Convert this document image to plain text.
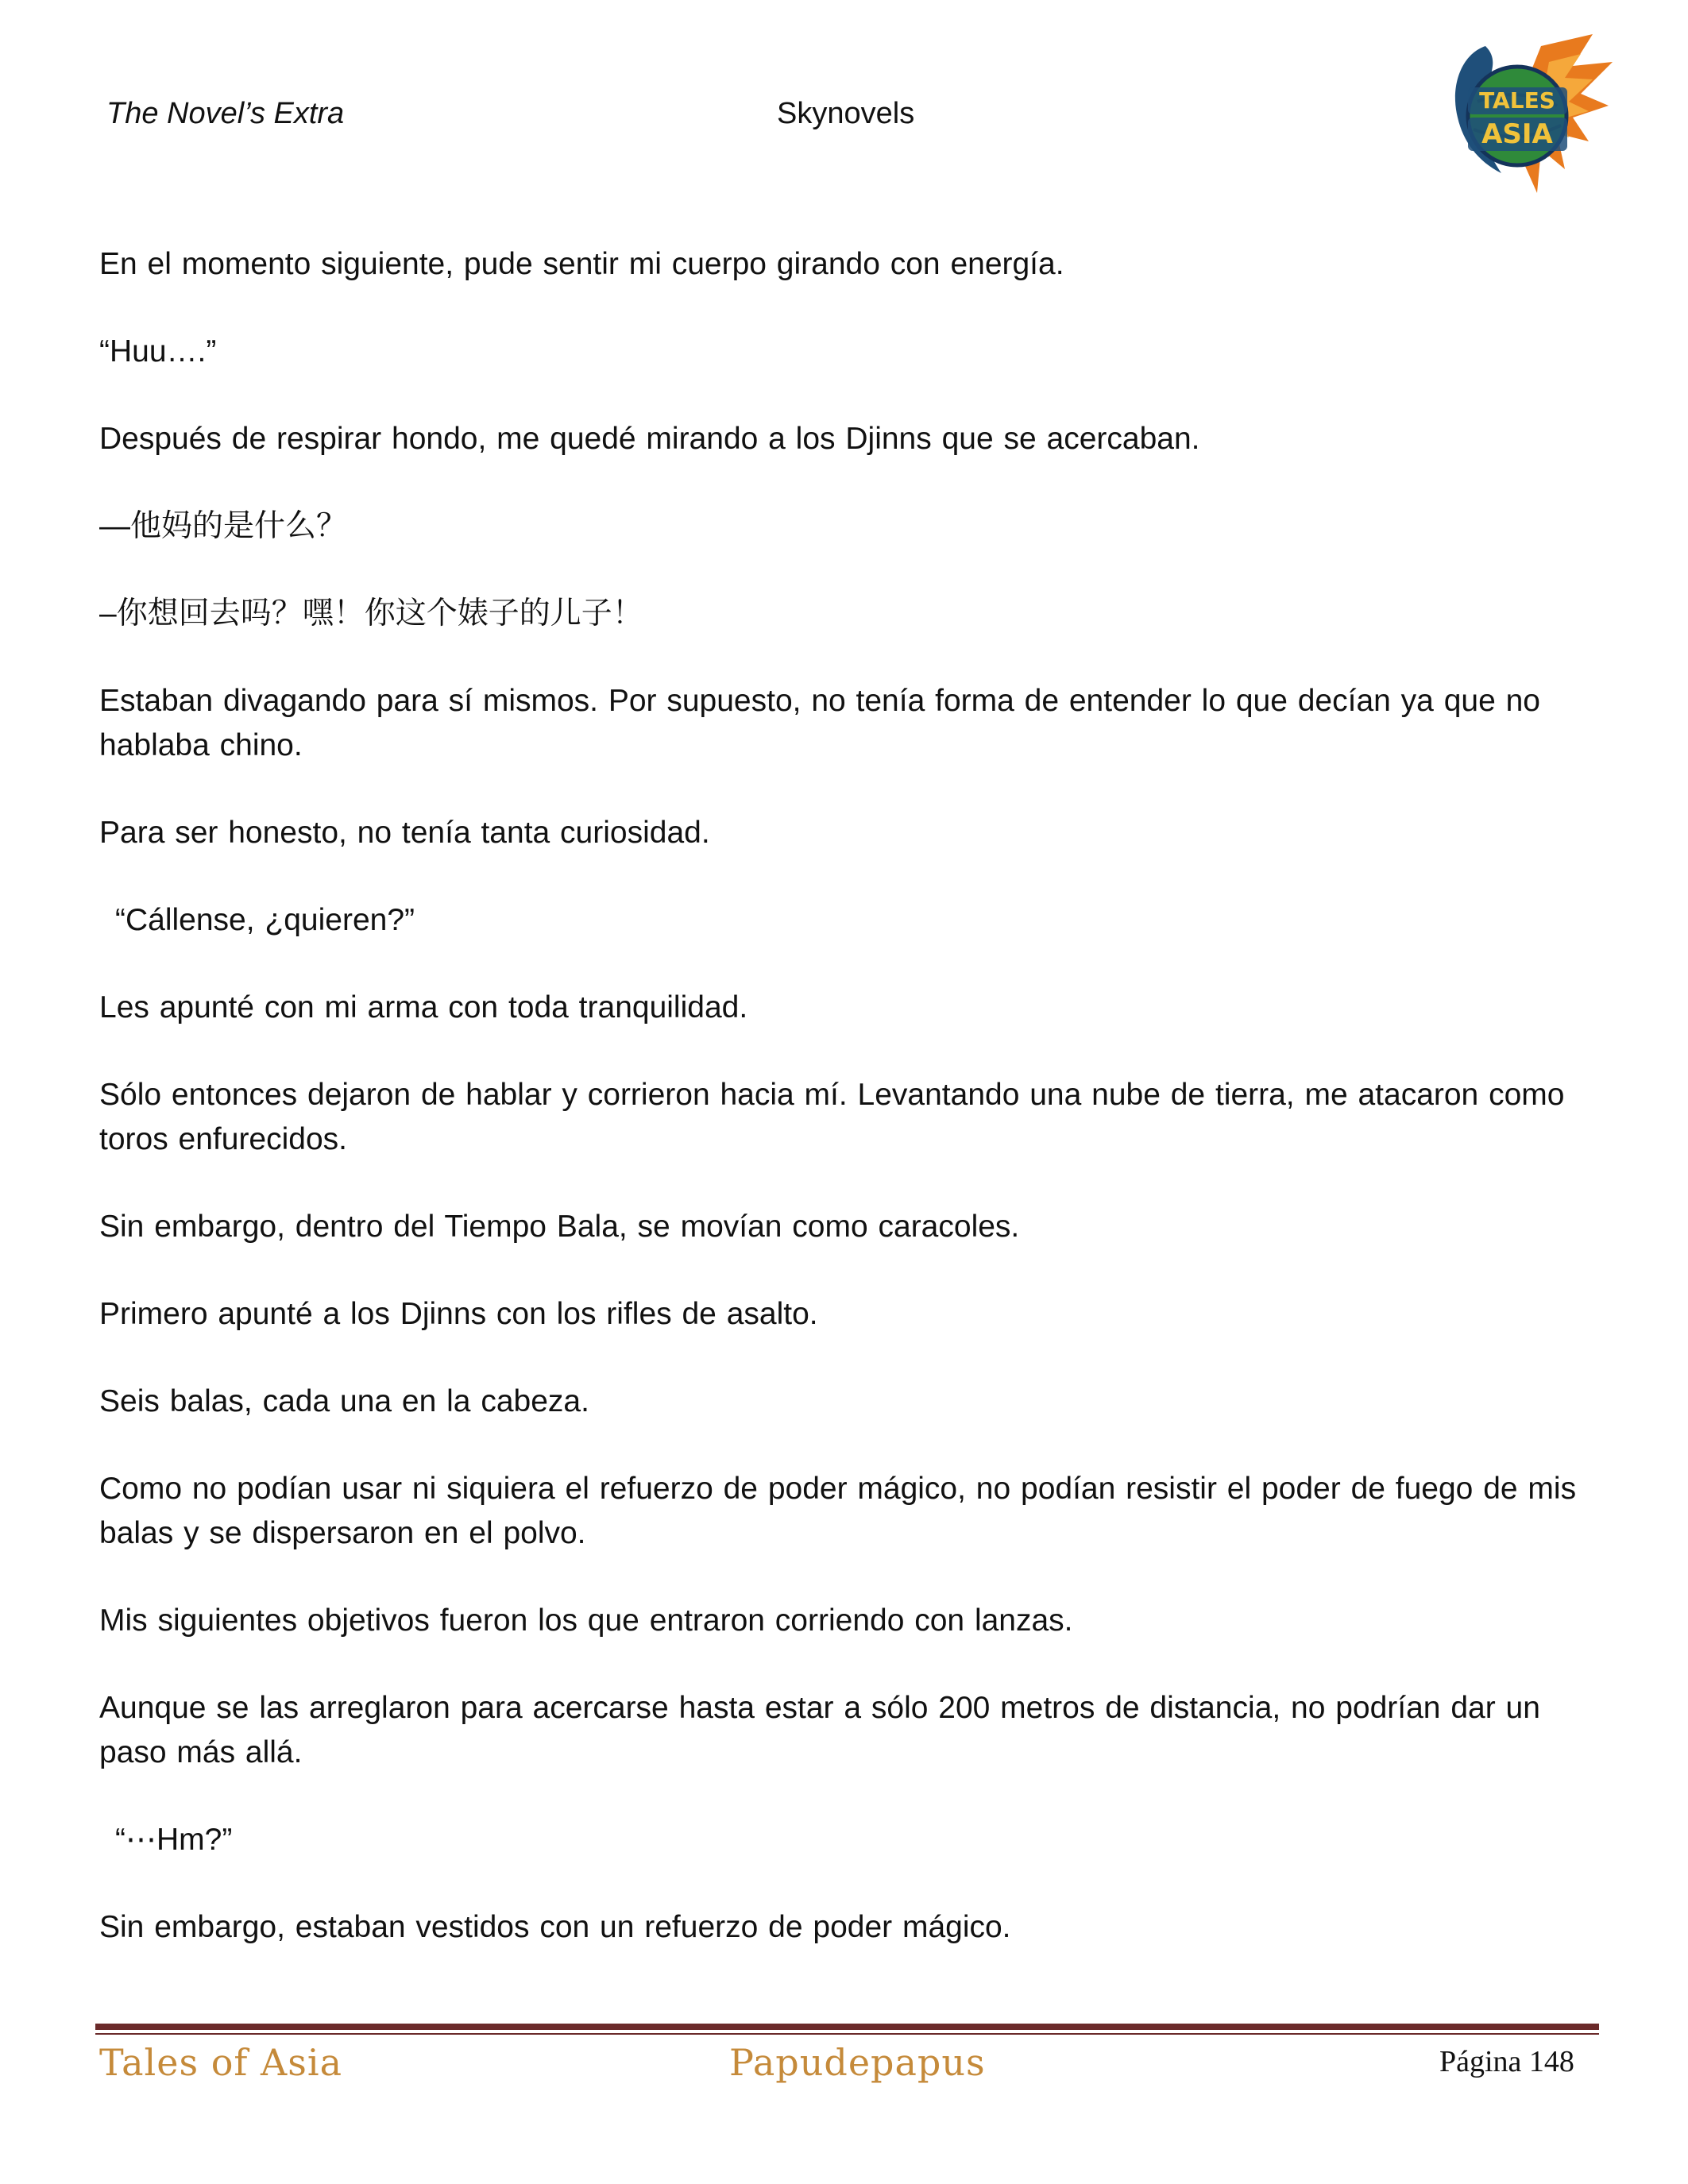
The Novel’s Extra	Skynovels	TALES
ASIA

En el momento siguiente, pude sentir mi cuerpo girando con energía.

“Huu….”

Después de respirar hondo, me quedé mirando a los Djinns que se acercaban.

—他妈的是什么？

–你想回去吗？嘿！你这个婊子的儿子！

Estaban divagando para sí mismos. Por supuesto, no tenía forma de entender lo que decían ya que no hablaba chino.

Para ser honesto, no tenía tanta curiosidad.

“Cállense, ¿quieren?”

Les apunté con mi arma con toda tranquilidad.

Sólo entonces dejaron de hablar y corrieron hacia mí. Levantando una nube de tierra, me atacaron como toros enfurecidos.

Sin embargo, dentro del Tiempo Bala, se movían como caracoles.

Primero apunté a los Djinns con los rifles de asalto.

Seis balas, cada una en la cabeza.

Como no podían usar ni siquiera el refuerzo de poder mágico, no podían resistir el poder de fuego de mis balas y se dispersaron en el polvo.

Mis siguientes objetivos fueron los que entraron corriendo con lanzas.

Aunque se las arreglaron para acercarse hasta estar a sólo 200 metros de distancia, no podrían dar un paso más allá.

“⋯Hm?”

Sin embargo, estaban vestidos con un refuerzo de poder mágico.

Tales of Asia	Papudepapus	Página 148
